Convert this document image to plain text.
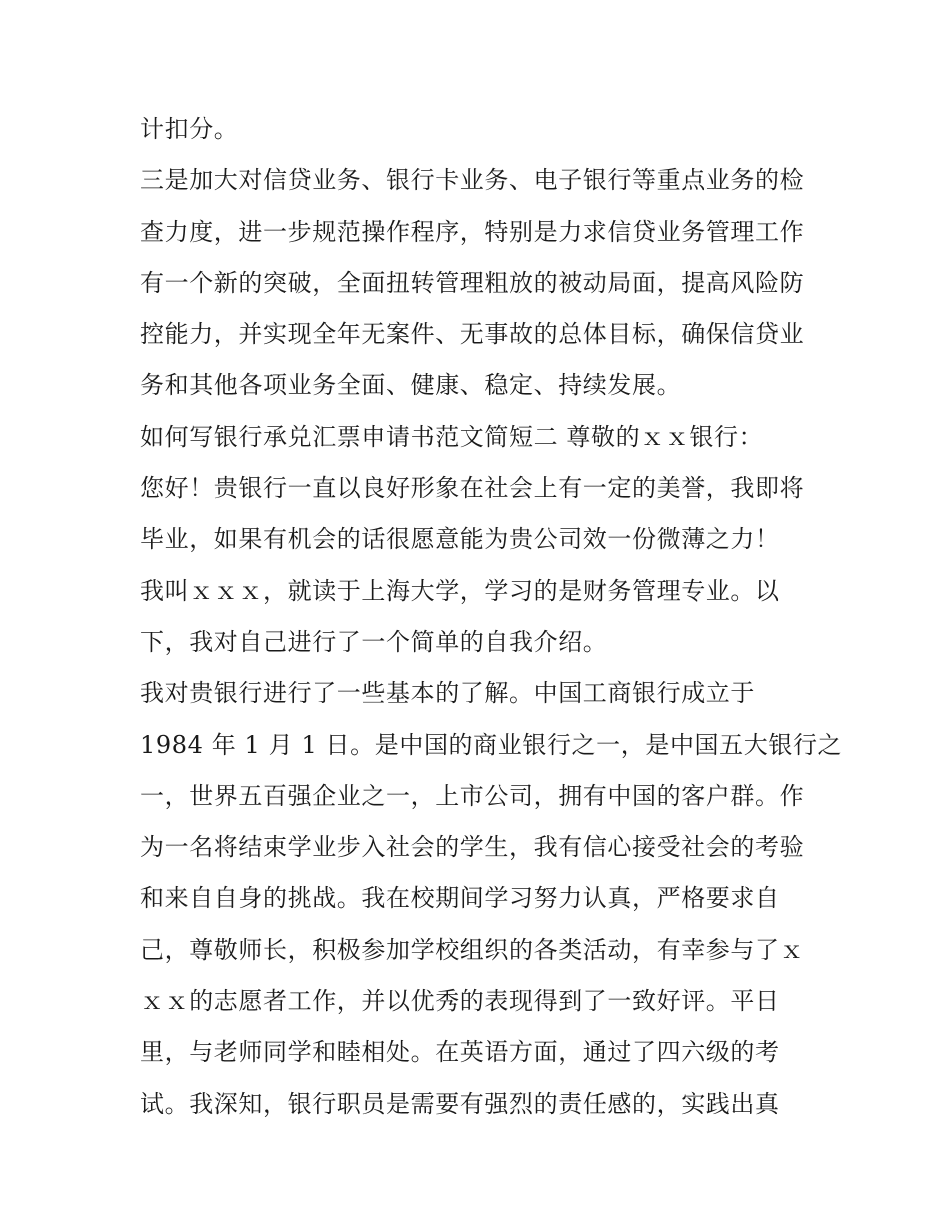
计扣分。
三是加大对信贷业务、银行卡业务、电子银行等重点业务的检
查力度，进一步规范操作程序，特别是力求信贷业务管理工作
有一个新的突破，全面扭转管理粗放的被动局面，提高风险防
控能力，并实现全年无案件、无事故的总体目标，确保信贷业
务和其他各项业务全面、健康、稳定、持续发展。
如何写银行承兑汇票申请书范文简短二 尊敬的ｘｘ银行：
您好！贵银行一直以良好形象在社会上有一定的美誉，我即将
毕业，如果有机会的话很愿意能为贵公司效一份微薄之力！
我叫ｘｘｘ，就读于上海大学，学习的是财务管理专业。以
下，我对自己进行了一个简单的自我介绍。
我对贵银行进行了一些基本的了解。中国工商银行成立于
1984 年 1 月 1 日。是中国的商业银行之一，是中国五大银行之
一，世界五百强企业之一，上市公司，拥有中国的客户群。作
为一名将结束学业步入社会的学生，我有信心接受社会的考验
和来自自身的挑战。我在校期间学习努力认真，严格要求自
己，尊敬师长，积极参加学校组织的各类活动，有幸参与了ｘ
ｘｘ的志愿者工作，并以优秀的表现得到了一致好评。平日
里，与老师同学和睦相处。在英语方面，通过了四六级的考
试。我深知，银行职员是需要有强烈的责任感的，实践出真
